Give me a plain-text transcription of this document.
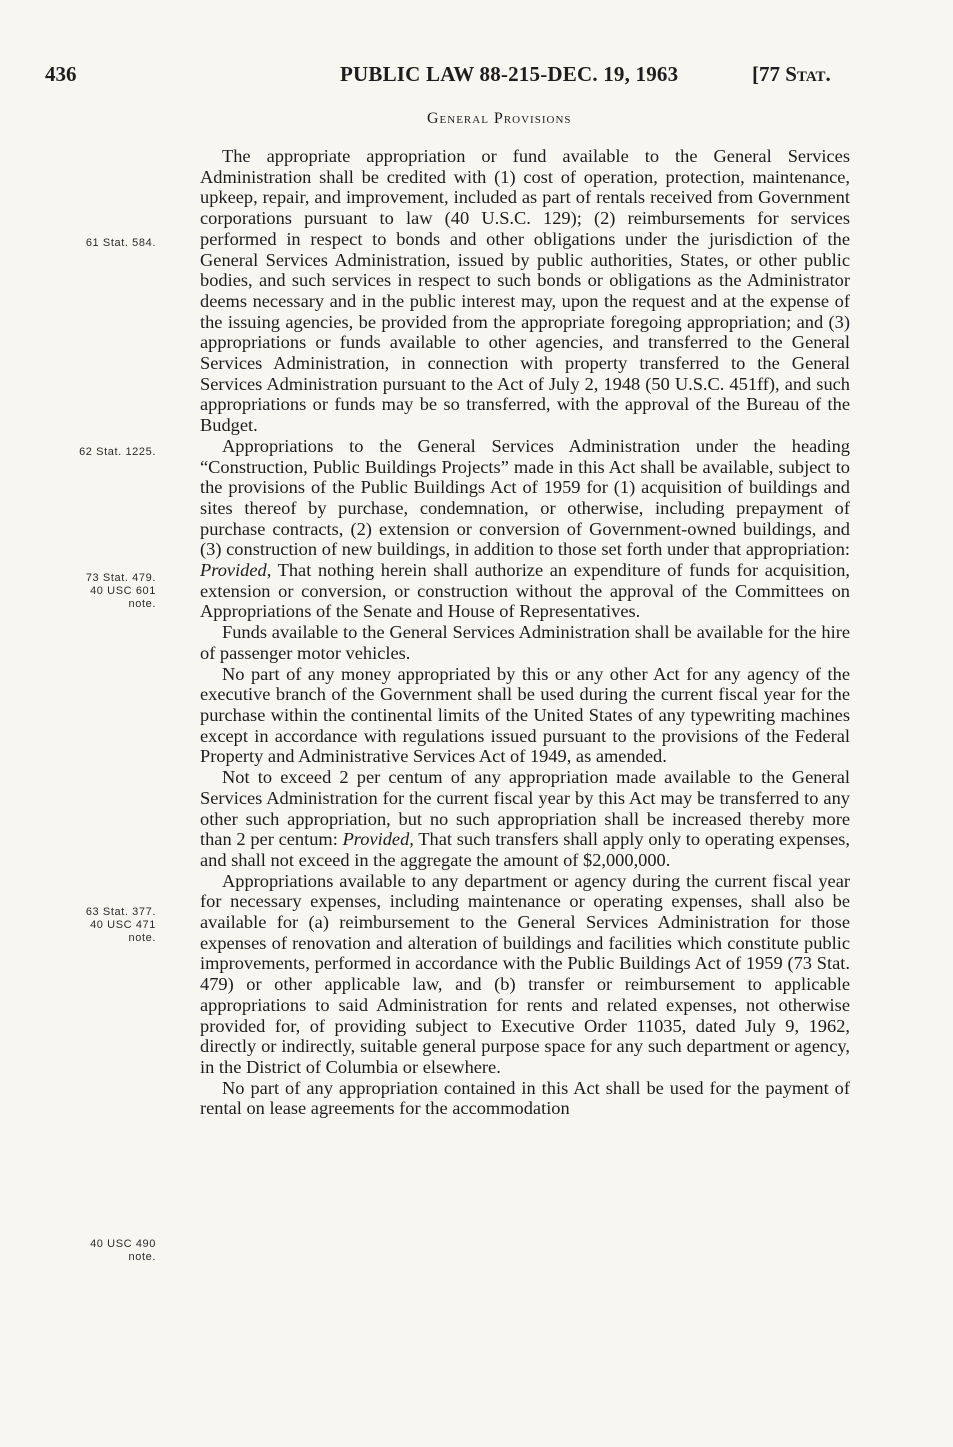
436	PUBLIC LAW 88-215-DEC. 19, 1963	[77 Stat.
General Provisions

The appropriate appropriation or fund available to the General Services Administration shall be credited with (1) cost of operation, protection, maintenance, upkeep, repair, and improvement, included as part of rentals received from Government corporations pursuant to law (40 U.S.C. 129); (2) reimbursements for services performed in respect to bonds and other obligations under the jurisdiction of the General Services Administration, issued by public authorities, States, or other public bodies, and such services in respect to such bonds or obligations as the Administrator deems necessary and in the public interest may, upon the request and at the expense of the issuing agencies, be provided from the appropriate foregoing appropriation; and (3) appropriations or funds available to other agencies, and transferred to the General Services Administration, in connection with property transferred to the General Services Administration pursuant to the Act of July 2, 1948 (50 U.S.C. 451ff), and such appropriations or funds may be so transferred, with the approval of the Bureau of the Budget.

Appropriations to the General Services Administration under the heading “Construction, Public Buildings Projects” made in this Act shall be available, subject to the provisions of the Public Buildings Act of 1959 for (1) acquisition of buildings and sites thereof by purchase, condemnation, or otherwise, including prepayment of purchase contracts, (2) extension or conversion of Government-owned buildings, and (3) construction of new buildings, in addition to those set forth under that appropriation: Provided, That nothing herein shall authorize an expenditure of funds for acquisition, extension or conversion, or construction without the approval of the Committees on Appropriations of the Senate and House of Representatives.

Funds available to the General Services Administration shall be available for the hire of passenger motor vehicles.

No part of any money appropriated by this or any other Act for any agency of the executive branch of the Government shall be used during the current fiscal year for the purchase within the continental limits of the United States of any typewriting machines except in accordance with regulations issued pursuant to the provisions of the Federal Property and Administrative Services Act of 1949, as amended.

Not to exceed 2 per centum of any appropriation made available to the General Services Administration for the current fiscal year by this Act may be transferred to any other such appropriation, but no such appropriation shall be increased thereby more than 2 per centum: Provided, That such transfers shall apply only to operating expenses, and shall not exceed in the aggregate the amount of $2,000,000.

Appropriations available to any department or agency during the current fiscal year for necessary expenses, including maintenance or operating expenses, shall also be available for (a) reimbursement to the General Services Administration for those expenses of renovation and alteration of buildings and facilities which constitute public improvements, performed in accordance with the Public Buildings Act of 1959 (73 Stat. 479) or other applicable law, and (b) transfer or reimbursement to applicable appropriations to said Administration for rents and related expenses, not otherwise provided for, of providing subject to Executive Order 11035, dated July 9, 1962, directly or indirectly, suitable general purpose space for any such department or agency, in the District of Columbia or elsewhere.

No part of any appropriation contained in this Act shall be used for the payment of rental on lease agreements for the accommodation

61 Stat. 584.
62 Stat. 1225.
73 Stat. 479.
40 USC 601
note.
63 Stat. 377.
40 USC 471
note.
40 USC 490
note.
